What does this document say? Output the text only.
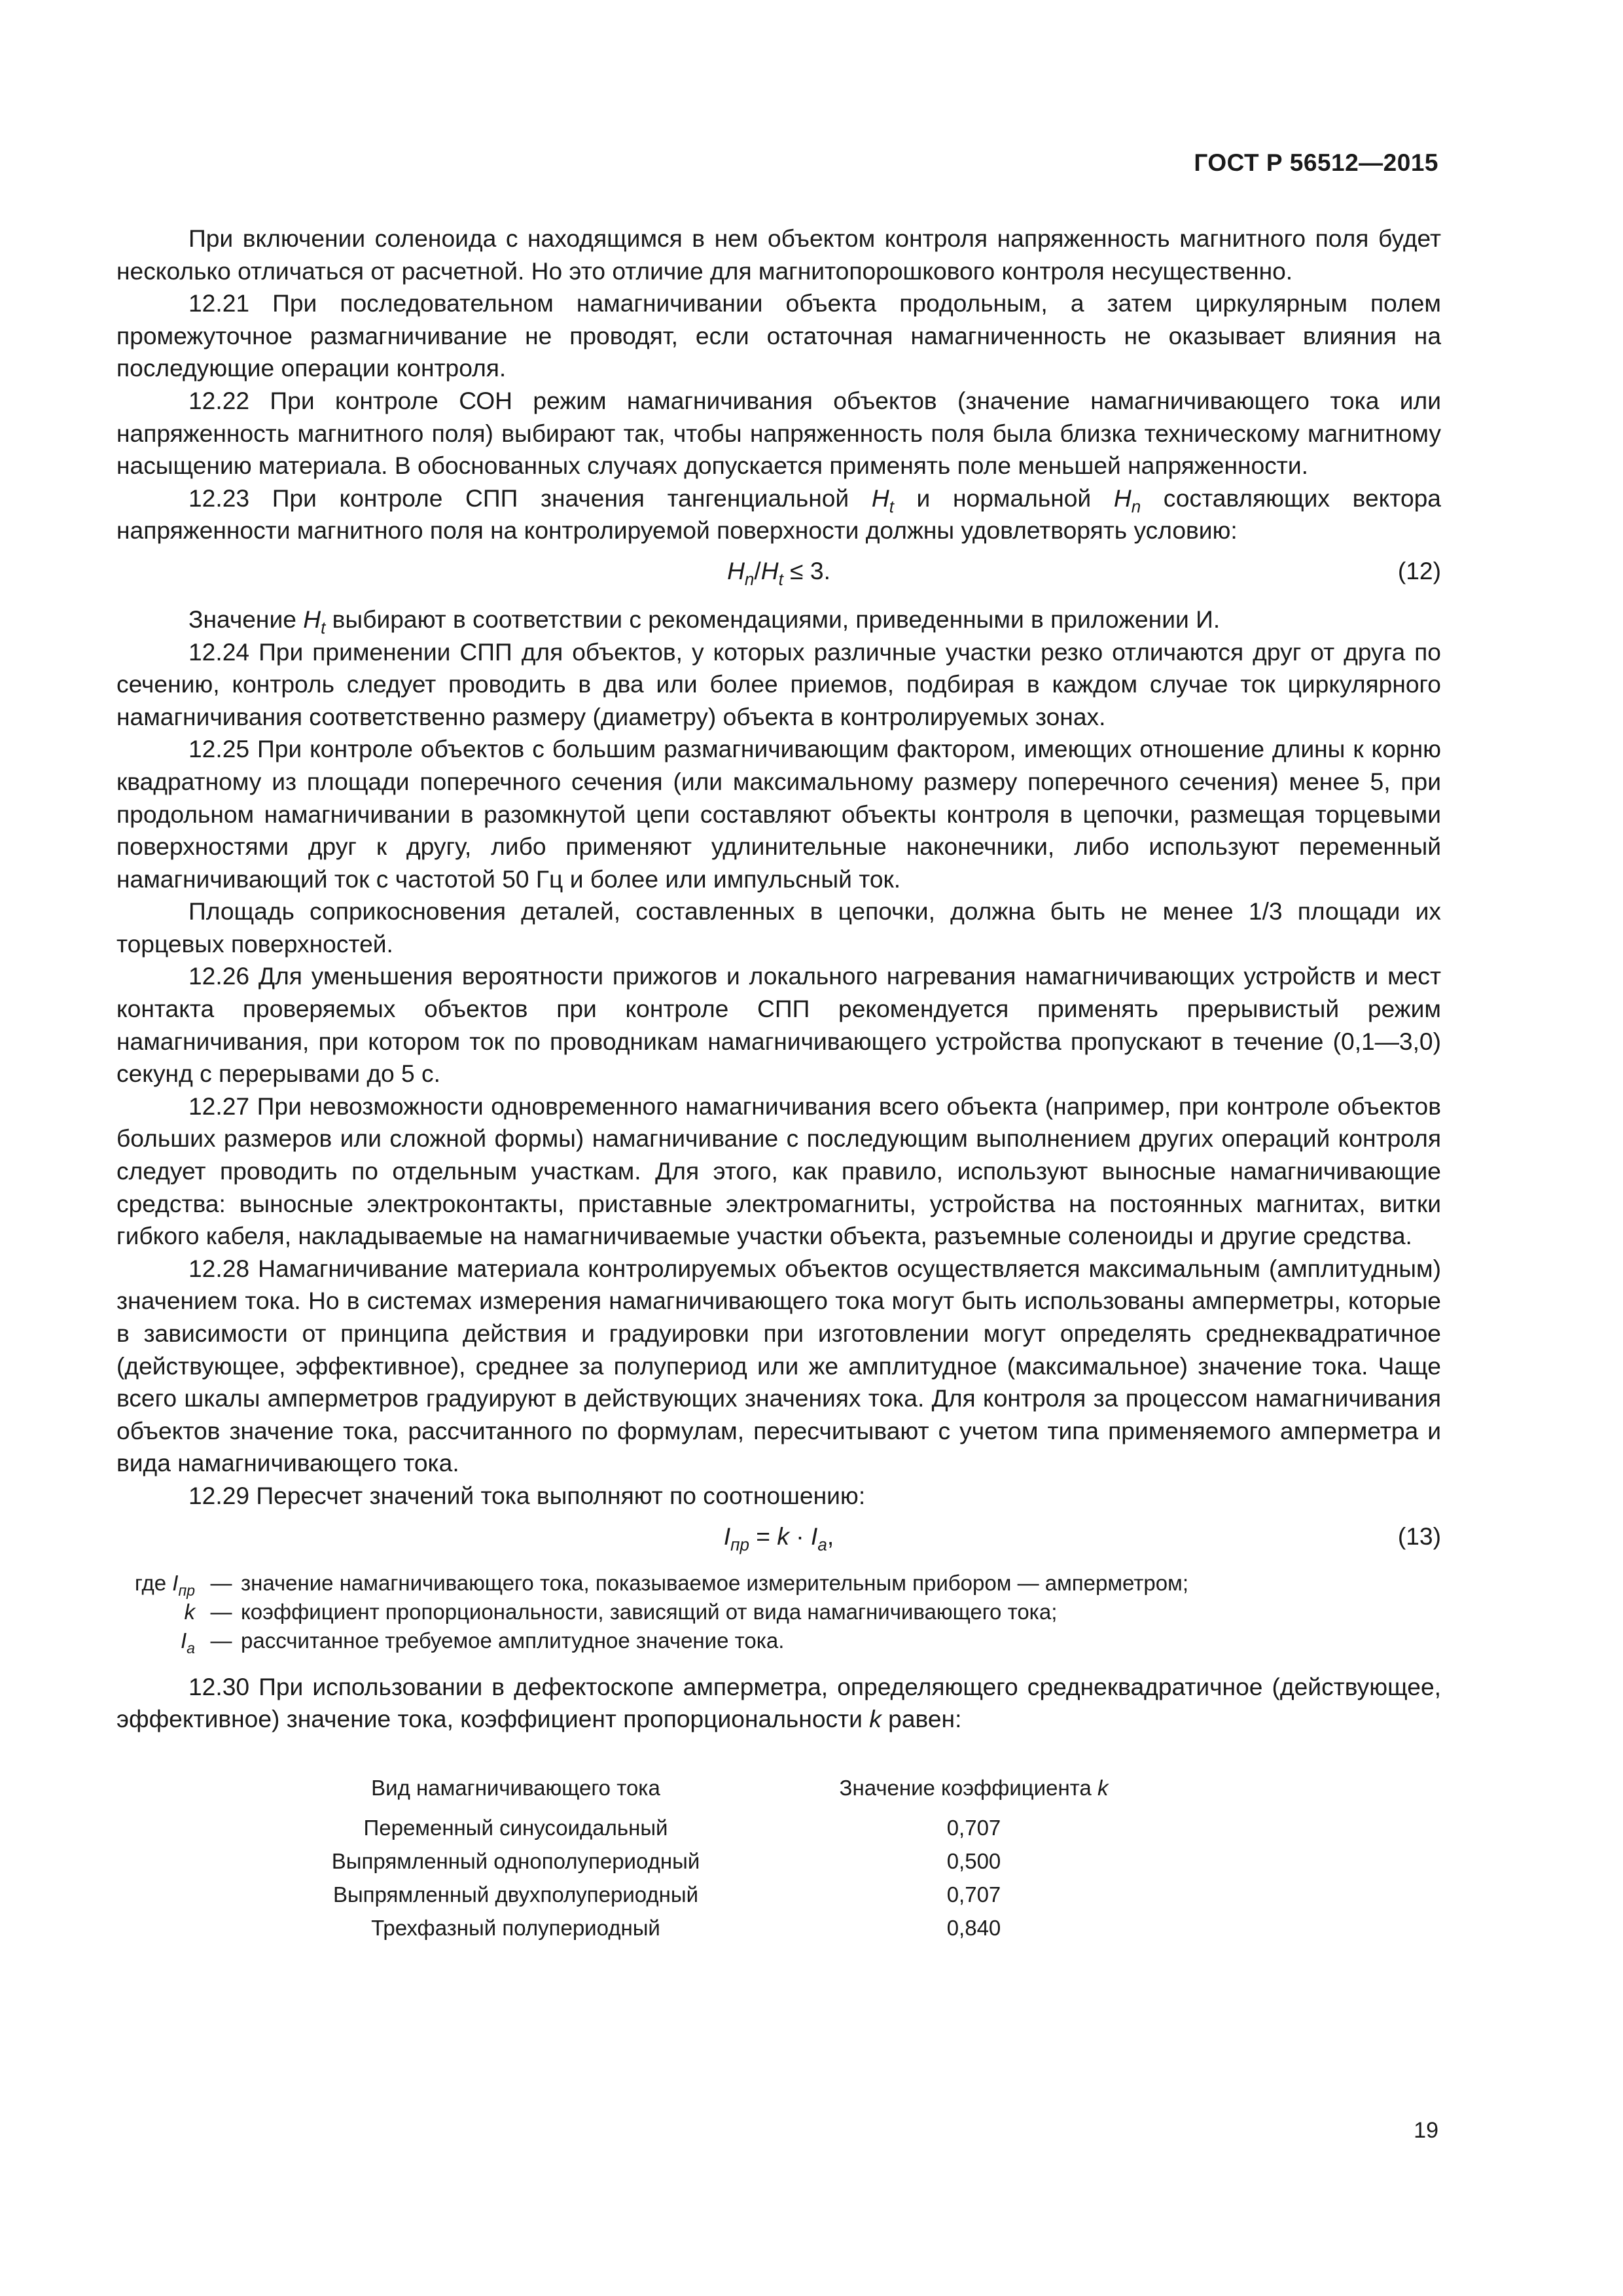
ГОСТ Р 56512—2015

При включении соленоида с находящимся в нем объектом контроля напряженность магнитного поля будет несколько отличаться от расчетной. Но это отличие для магнитопорошкового контроля несущественно.

12.21 При последовательном намагничивании объекта продольным, а затем циркулярным полем промежуточное размагничивание не проводят, если остаточная намагниченность не оказывает влияния на последующие операции контроля.

12.22 При контроле СОН режим намагничивания объектов (значение намагничивающего тока или напряженность магнитного поля) выбирают так, чтобы напряженность поля была близка техническому магнитному насыщению материала. В обоснованных случаях допускается применять поле меньшей напряженности.

12.23 При контроле СПП значения тангенциальной $H_t$ и нормальной $H_n$ составляющих вектора напряженности магнитного поля на контролируемой поверхности должны удовлетворять условию:

$H_n/H_t \le 3$.	(12)

Значение $H_t$ выбирают в соответствии с рекомендациями, приведенными в приложении И.

12.24 При применении СПП для объектов, у которых различные участки резко отличаются друг от друга по сечению, контроль следует проводить в два или более приемов, подбирая в каждом случае ток циркулярного намагничивания соответственно размеру (диаметру) объекта в контролируемых зонах.

12.25 При контроле объектов с большим размагничивающим фактором, имеющих отношение длины к корню квадратному из площади поперечного сечения (или максимальному размеру поперечного сечения) менее 5, при продольном намагничивании в разомкнутой цепи составляют объекты контроля в цепочки, размещая торцевыми поверхностями друг к другу, либо применяют удлинительные наконечники, либо используют переменный намагничивающий ток с частотой 50 Гц и более или импульсный ток.

Площадь соприкосновения деталей, составленных в цепочки, должна быть не менее 1/3 площади их торцевых поверхностей.

12.26 Для уменьшения вероятности прижогов и локального нагревания намагничивающих устройств и мест контакта проверяемых объектов при контроле СПП рекомендуется применять прерывистый режим намагничивания, при котором ток по проводникам намагничивающего устройства пропускают в течение (0,1—3,0) секунд с перерывами до 5 с.

12.27 При невозможности одновременного намагничивания всего объекта (например, при контроле объектов больших размеров или сложной формы) намагничивание с последующим выполнением других операций контроля следует проводить по отдельным участкам. Для этого, как правило, используют выносные намагничивающие средства: выносные электроконтакты, приставные электромагниты, устройства на постоянных магнитах, витки гибкого кабеля, накладываемые на намагничиваемые участки объекта, разъемные соленоиды и другие средства.

12.28 Намагничивание материала контролируемых объектов осуществляется максимальным (амплитудным) значением тока. Но в системах измерения намагничивающего тока могут быть использованы амперметры, которые в зависимости от принципа действия и градуировки при изготовлении могут определять среднеквадратичное (действующее, эффективное), среднее за полупериод или же амплитудное (максимальное) значение тока. Чаще всего шкалы амперметров градуируют в действующих значениях тока. Для контроля за процессом намагничивания объектов значение тока, рассчитанного по формулам, пересчитывают с учетом типа применяемого амперметра и вида намагничивающего тока.

12.29 Пересчет значений тока выполняют по соотношению:

$I_{пр} = k \cdot I_a$,	(13)
где $I_{пр}$ — значение намагничивающего тока, показываемое измерительным прибором — амперметром;
k — коэффициент пропорциональности, зависящий от вида намагничивающего тока;
$I_a$ — рассчитанное требуемое амплитудное значение тока.

12.30 При использовании в дефектоскопе амперметра, определяющего среднеквадратичное (действующее, эффективное) значение тока, коэффициент пропорциональности k равен:

Вид намагничивающего тока	Значение коэффициента k
Переменный синусоидальный	0,707
Выпрямленный однополупериодный	0,500
Выпрямленный двухполупериодный	0,707
Трехфазный полупериодный	0,840
19
